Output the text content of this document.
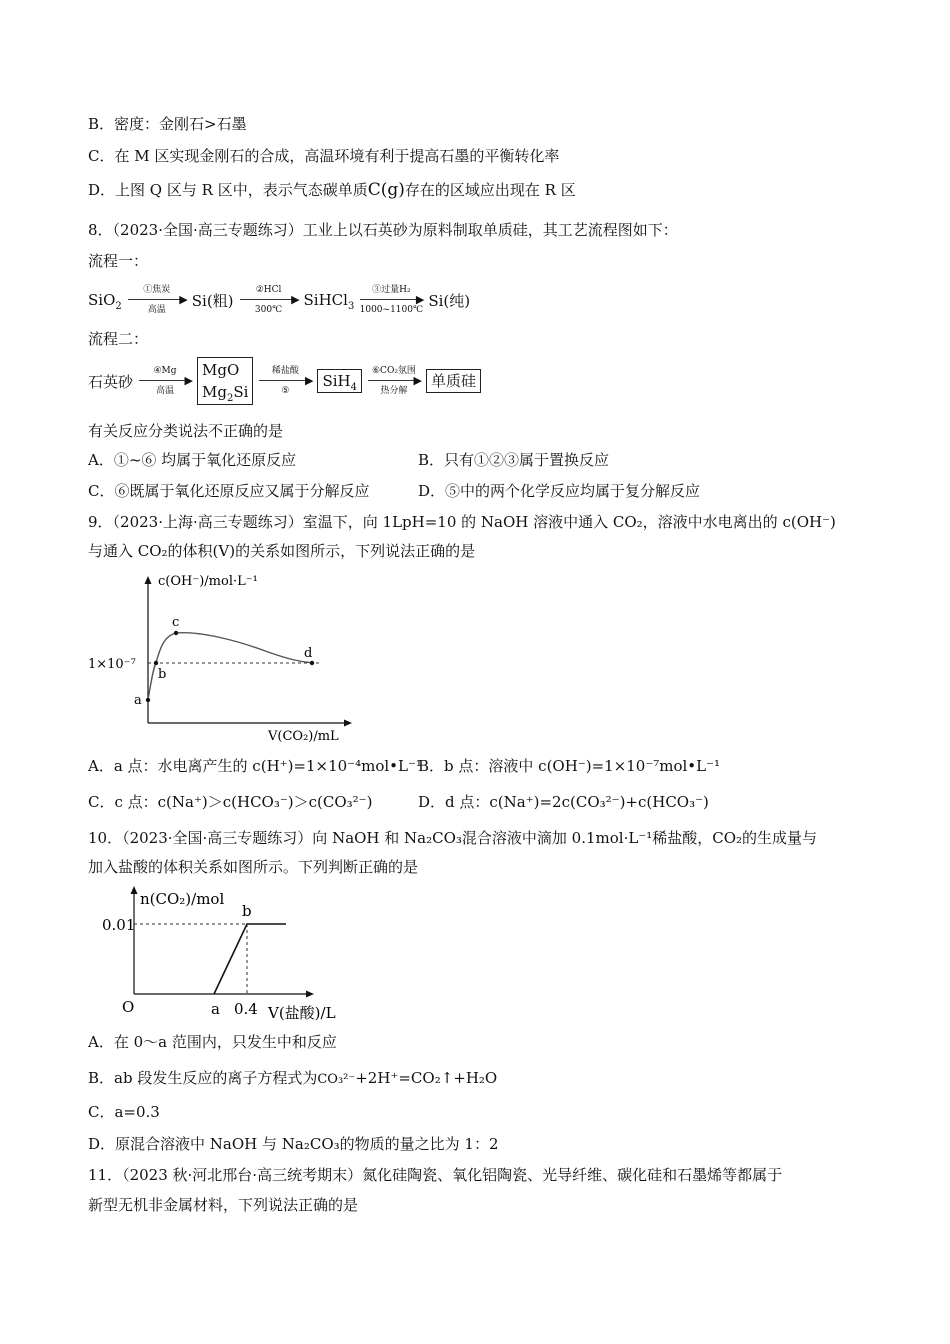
B．密度：金刚石>石墨
C．在 M 区实现金刚石的合成，高温环境有利于提高石墨的平衡转化率
D．上图 Q 区与 R 区中，表示气态碳单质C(g)存在的区域应出现在 R 区
8．（2023·全国·高三专题练习）工业上以石英砂为原料制取单质硅，其工艺流程图如下：
流程一：
SiO$_2$
①焦炭
▶
高温
Si(粗)
②HCl
▶
300℃
SiHCl$_3$
③过量H₂
▶
1000~1100℃
Si(纯)
流程二：
石英砂
④Mg
▶
高温
MgO
$Mg_2Si$
稀盐酸
▶
⑤
SiH$_4$
⑥CO₂氛围
▶
热分解
单质硅
有关反应分类说法不正确的是
A．①~⑥ 均属于氧化还原反应	B．只有①②③属于置换反应
C．⑥既属于氧化还原反应又属于分解反应	D．⑤中的两个化学反应均属于复分解反应
9．（2023·上海·高三专题练习）室温下，向 1LpH=10 的 NaOH 溶液中通入 CO₂，溶液中水电离出的 c(OH⁻)
与通入 CO₂的体积(V)的关系如图所示，下列说法正确的是
c(OH⁻)/mol·L⁻¹
V(CO₂)/mL
1×10⁻⁷
a
b
c
d
A．a 点：水电离产生的 c(H⁺)=1×10⁻⁴mol•L⁻¹
B．b 点：溶液中 c(OH⁻)=1×10⁻⁷mol•L⁻¹
C．c 点：c(Na⁺)＞c(HCO₃⁻)＞c(CO₃²⁻)	D．d 点：c(Na⁺)=2c(CO₃²⁻)+c(HCO₃⁻)
10．（2023·全国·高三专题练习）向 NaOH 和 Na₂CO₃混合溶液中滴加 0.1mol·L⁻¹稀盐酸，CO₂的生成量与
加入盐酸的体积关系如图所示。下列判断正确的是
n(CO₂)/mol
0.01
O	a 0.4 V(盐酸)/L
b
A．在 0～a 范围内，只发生中和反应
B．ab 段发生反应的离子方程式为CO₃²⁻+2H⁺=CO₂↑+H₂O
C．a=0.3
D．原混合溶液中 NaOH 与 Na₂CO₃的物质的量之比为 1：2
11．（2023 秋·河北邢台·高三统考期末）氮化硅陶瓷、氧化铝陶瓷、光导纤维、碳化硅和石墨烯等都属于
新型无机非金属材料，下列说法正确的是
